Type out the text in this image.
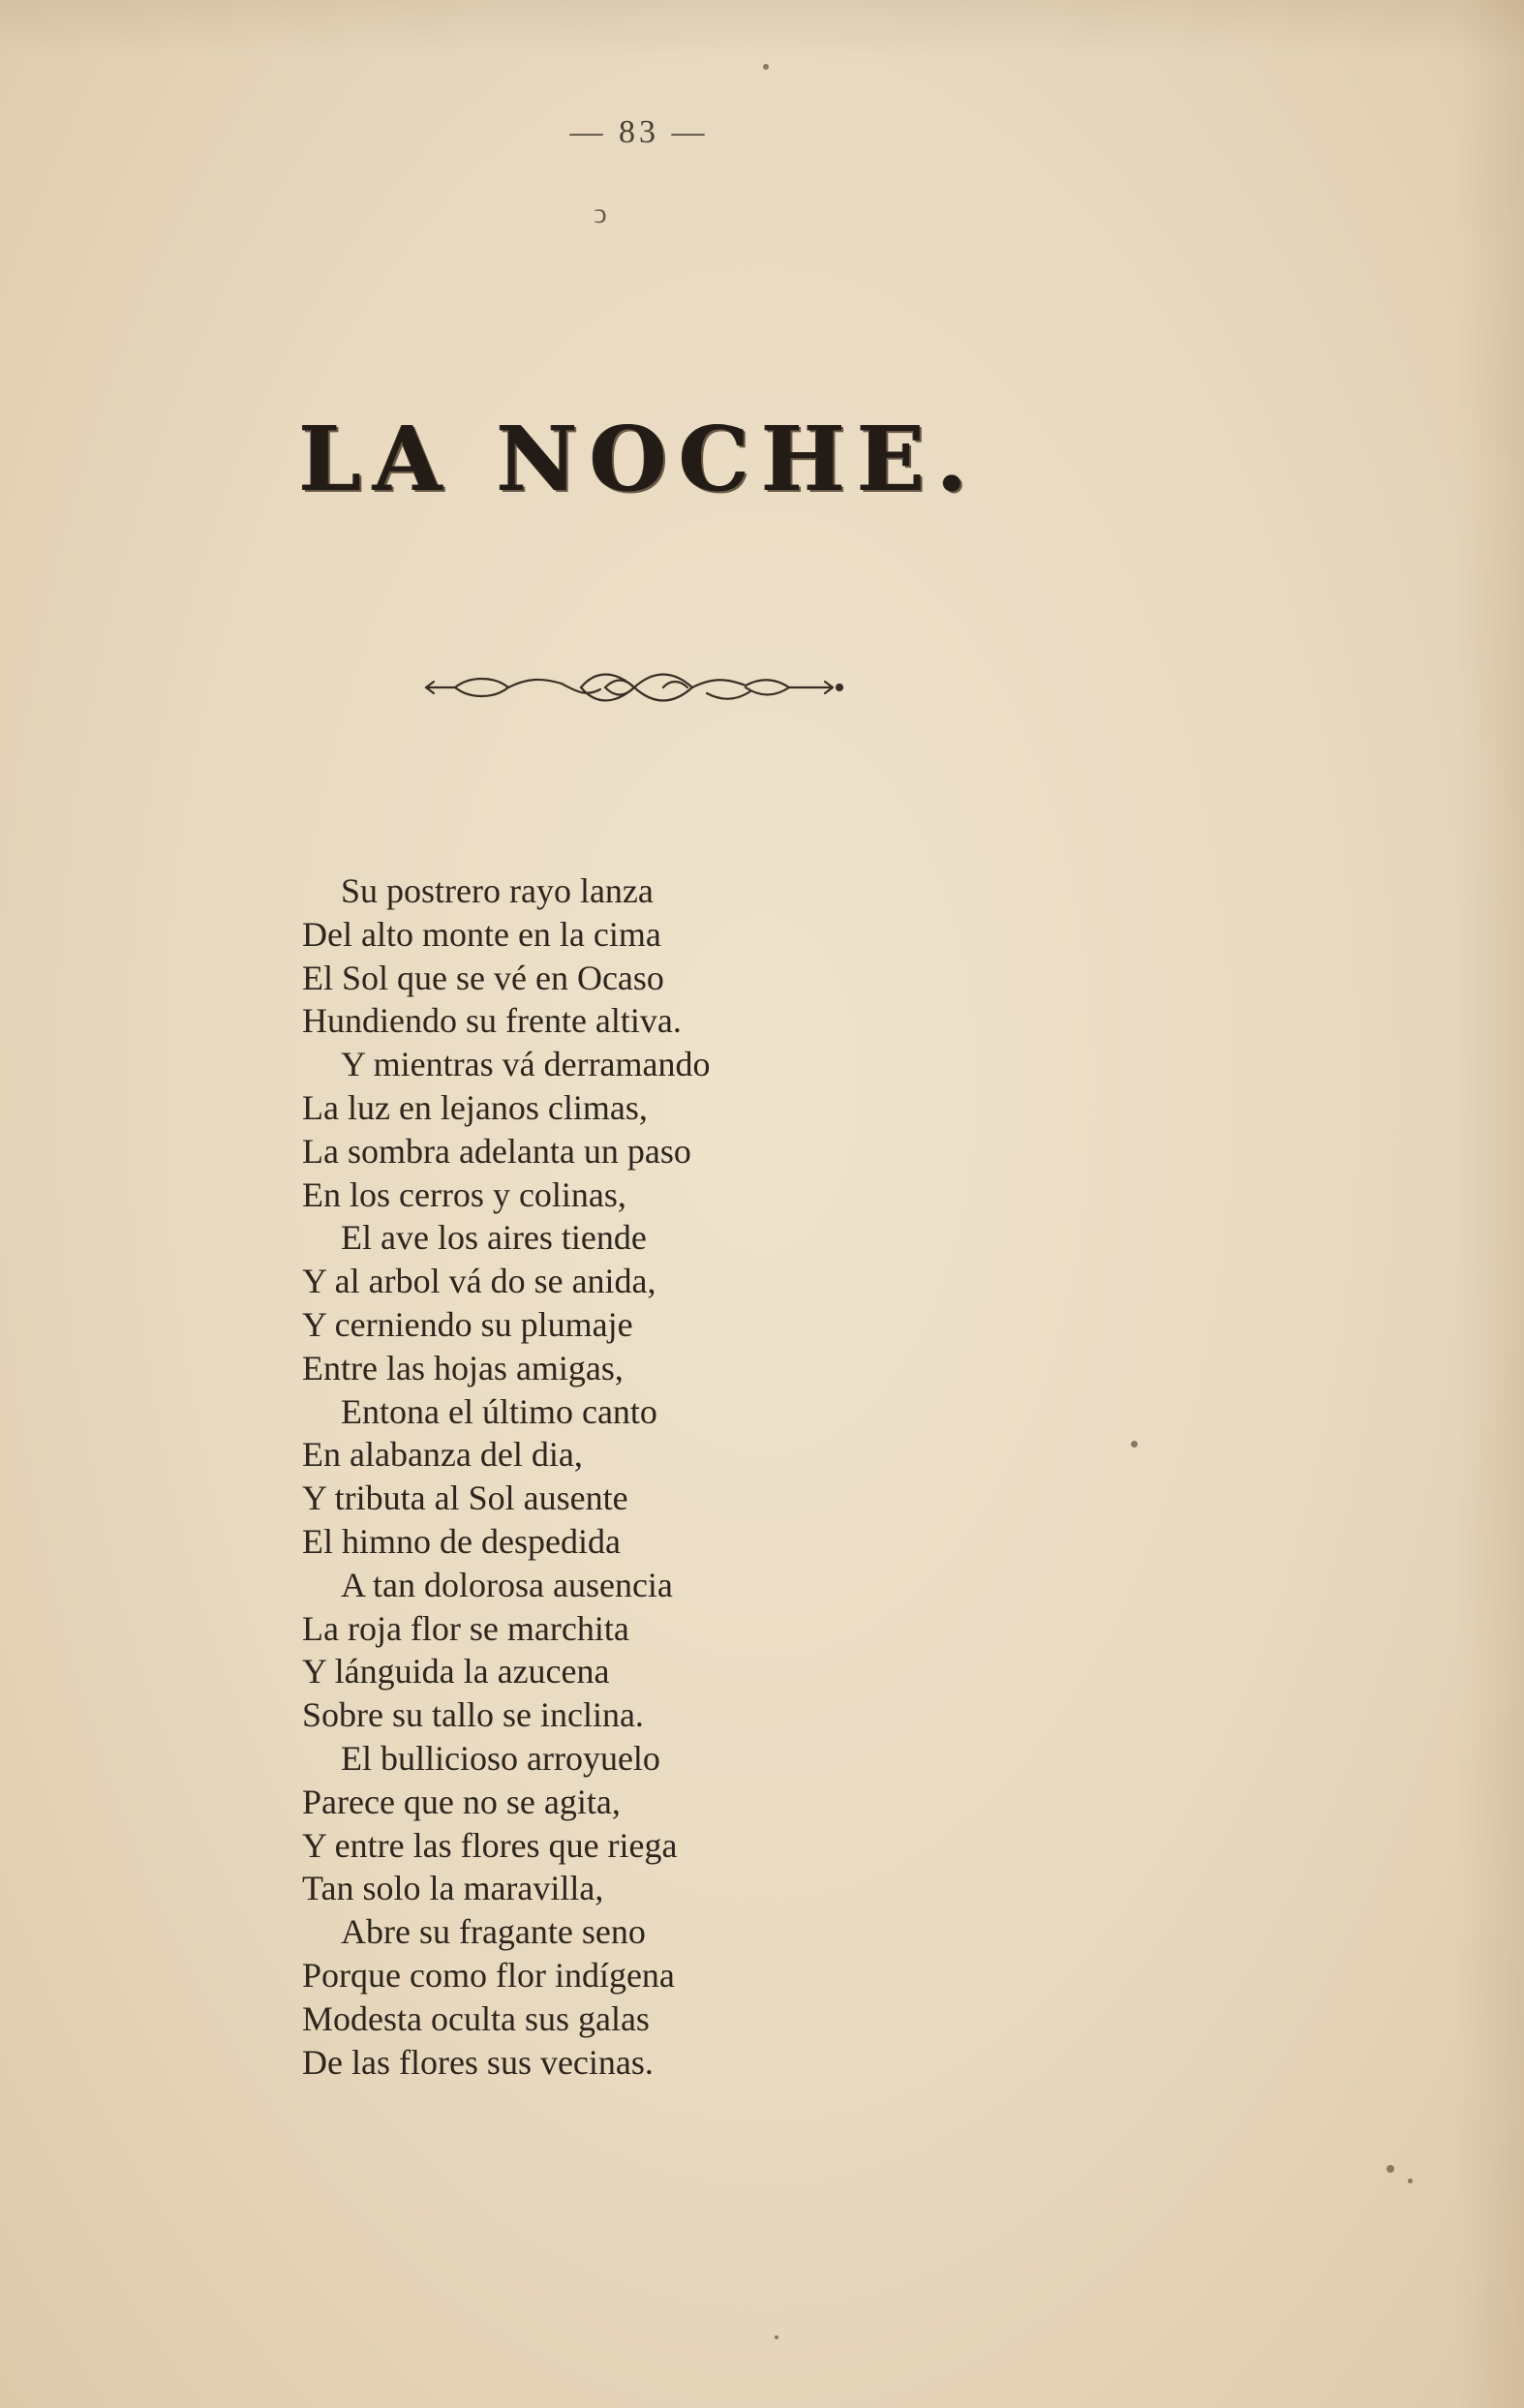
— 83 —
ↄ
LA NOCHE.
Su postrero rayo lanza
Del alto monte en la cima
El Sol que se vé en Ocaso
Hundiendo su frente altiva.
Y mientras vá derramando
La luz en lejanos climas,
La sombra adelanta un paso
En los cerros y colinas,
El ave los aires tiende
Y al arbol vá do se anida,
Y cerniendo su plumaje
Entre las hojas amigas,
Entona el último canto
En alabanza del dia,
Y tributa al Sol ausente
El himno de despedida
A tan dolorosa ausencia
La roja flor se marchita
Y lánguida la azucena
Sobre su tallo se inclina.
El bullicioso arroyuelo
Parece que no se agita,
Y entre las flores que riega
Tan solo la maravilla,
Abre su fragante seno
Porque como flor indígena
Modesta oculta sus galas
De las flores sus vecinas.
